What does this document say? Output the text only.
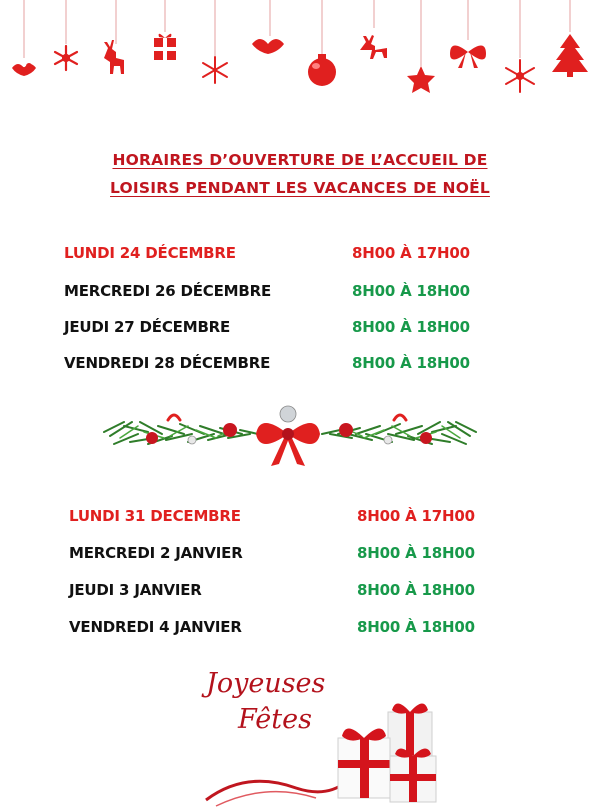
HORAIRES D’OUVERTURE DE L’ACCUEIL DE
LOISIRS PENDANT LES VACANCES DE NOËL
LUNDI 24 DÉCEMBRE	8H00 À 17H00
MERCREDI 26 DÉCEMBRE	8H00 À 18H00
JEUDI 27 DÉCEMBRE	8H00 À 18H00
VENDREDI 28 DÉCEMBRE	8H00 À 18H00
LUNDI 31 DECEMBRE	8H00 À 17H00
MERCREDI 2 JANVIER	8H00 À 18H00
JEUDI 3 JANVIER	8H00 À 18H00
VENDREDI 4 JANVIER	8H00 À 18H00
Joyeuses
Fêtes
